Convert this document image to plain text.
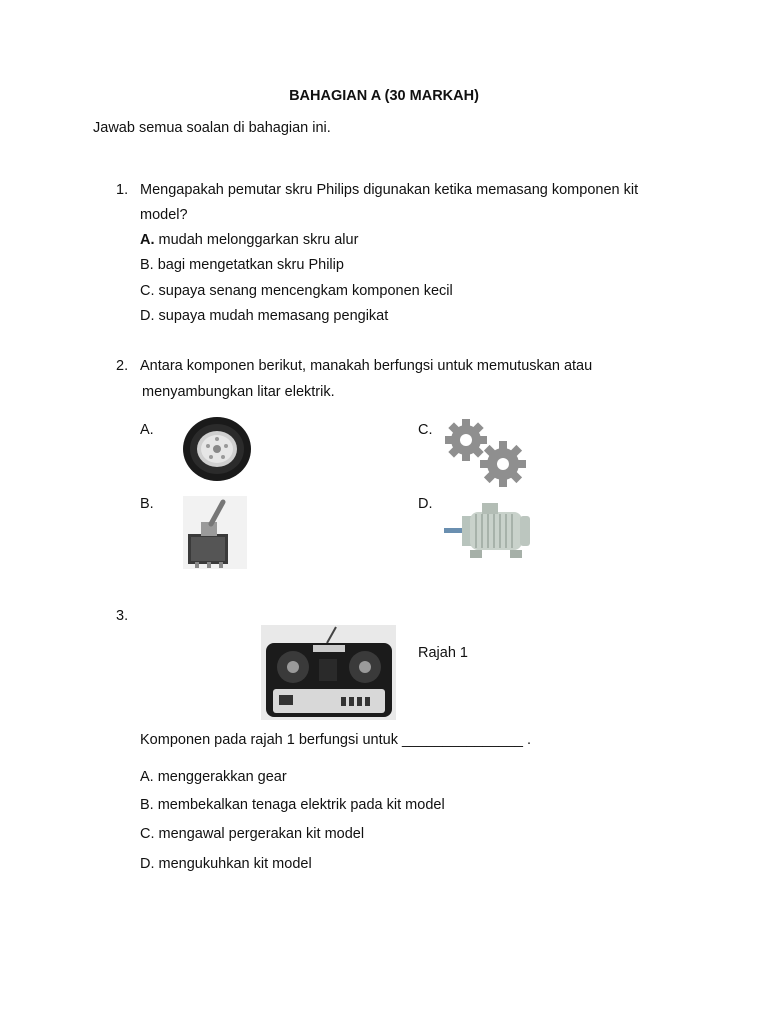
BAHAGIAN A (30 MARKAH)
Jawab semua soalan di bahagian ini.
1. Mengapakah pemutar skru Philips digunakan ketika memasang komponen kit
model?
A. mudah melonggarkan skru alur
B. bagi mengetatkan skru Philip
C. supaya senang mencengkam komponen kecil
D. supaya mudah memasang pengikat
2. Antara komponen berikut, manakah berfungsi untuk memutuskan atau
menyambungkan litar elektrik.
A.
B.
C.
D.
3.
Rajah 1
Komponen pada rajah 1 berfungsi untuk _______________ .
A. menggerakkan gear
B. membekalkan tenaga elektrik pada kit model
C. mengawal pergerakan kit model
D. mengukuhkan kit model
